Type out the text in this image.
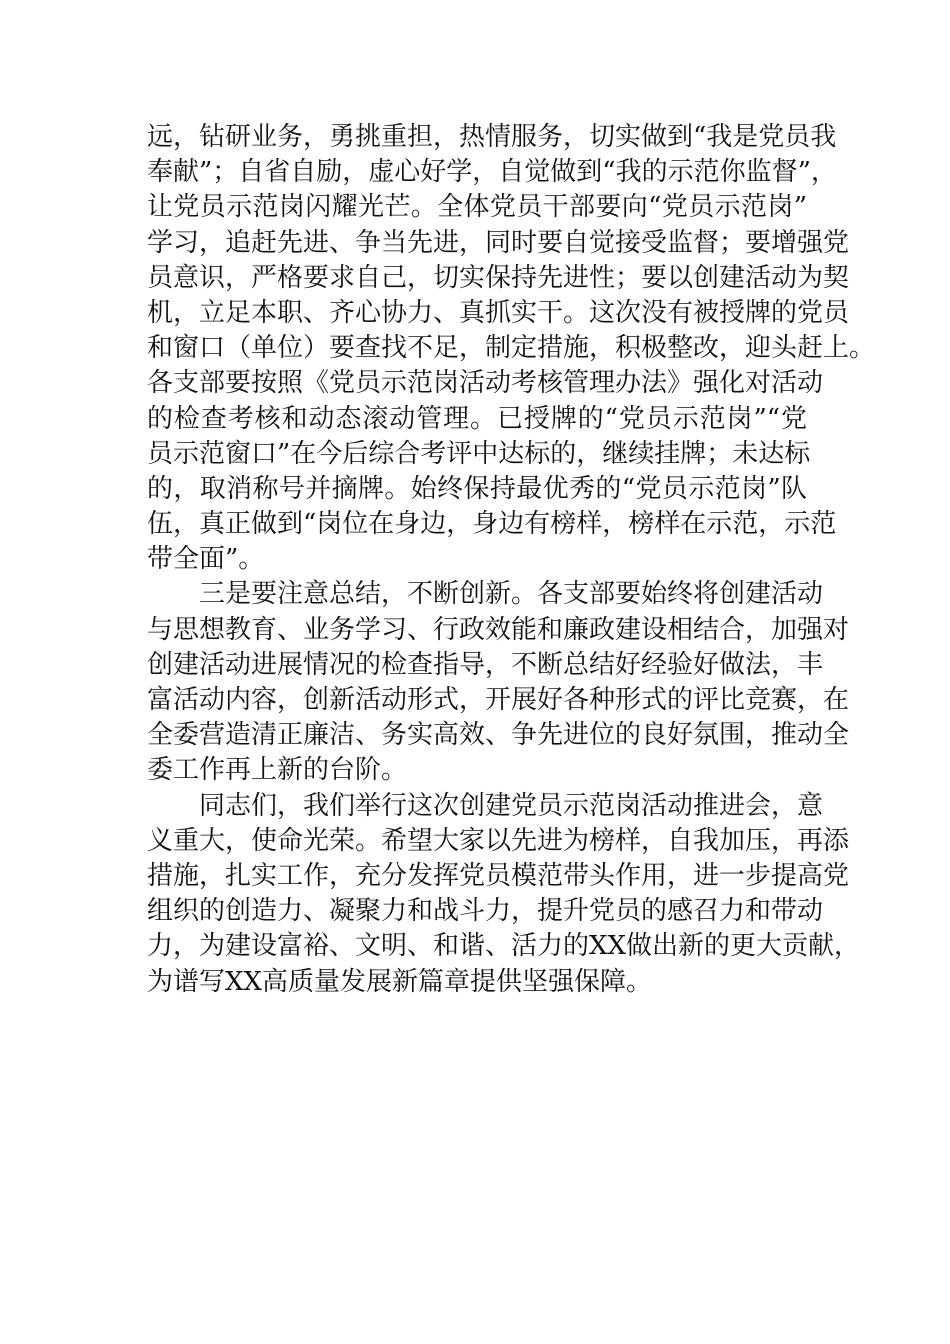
远，钻研业务，勇挑重担，热情服务，切实做到“我是党员我
奉献”；自省自励，虚心好学，自觉做到“我的示范你监督”，
让党员示范岗闪耀光芒。全体党员干部要向“党员示范岗”
学习，追赶先进、争当先进，同时要自觉接受监督；要增强党
员意识，严格要求自己，切实保持先进性；要以创建活动为契
机，立足本职、齐心协力、真抓实干。这次没有被授牌的党员
和窗口（单位）要查找不足，制定措施，积极整改，迎头赶上。
各支部要按照《党员示范岗活动考核管理办法》强化对活动
的检查考核和动态滚动管理。已授牌的“党员示范岗”“党
员示范窗口”在今后综合考评中达标的，继续挂牌；未达标
的，取消称号并摘牌。始终保持最优秀的“党员示范岗”队
伍，真正做到“岗位在身边，身边有榜样，榜样在示范，示范
带全面”。
三是要注意总结，不断创新。各支部要始终将创建活动
与思想教育、业务学习、行政效能和廉政建设相结合，加强对
创建活动进展情况的检查指导，不断总结好经验好做法，丰
富活动内容，创新活动形式，开展好各种形式的评比竞赛，在
全委营造清正廉洁、务实高效、争先进位的良好氛围，推动全
委工作再上新的台阶。
同志们，我们举行这次创建党员示范岗活动推进会，意
义重大，使命光荣。希望大家以先进为榜样，自我加压，再添
措施，扎实工作，充分发挥党员模范带头作用，进一步提高党
组织的创造力、凝聚力和战斗力，提升党员的感召力和带动
力，为建设富裕、文明、和谐、活力的XX做出新的更大贡献，
为谱写XX高质量发展新篇章提供坚强保障。
